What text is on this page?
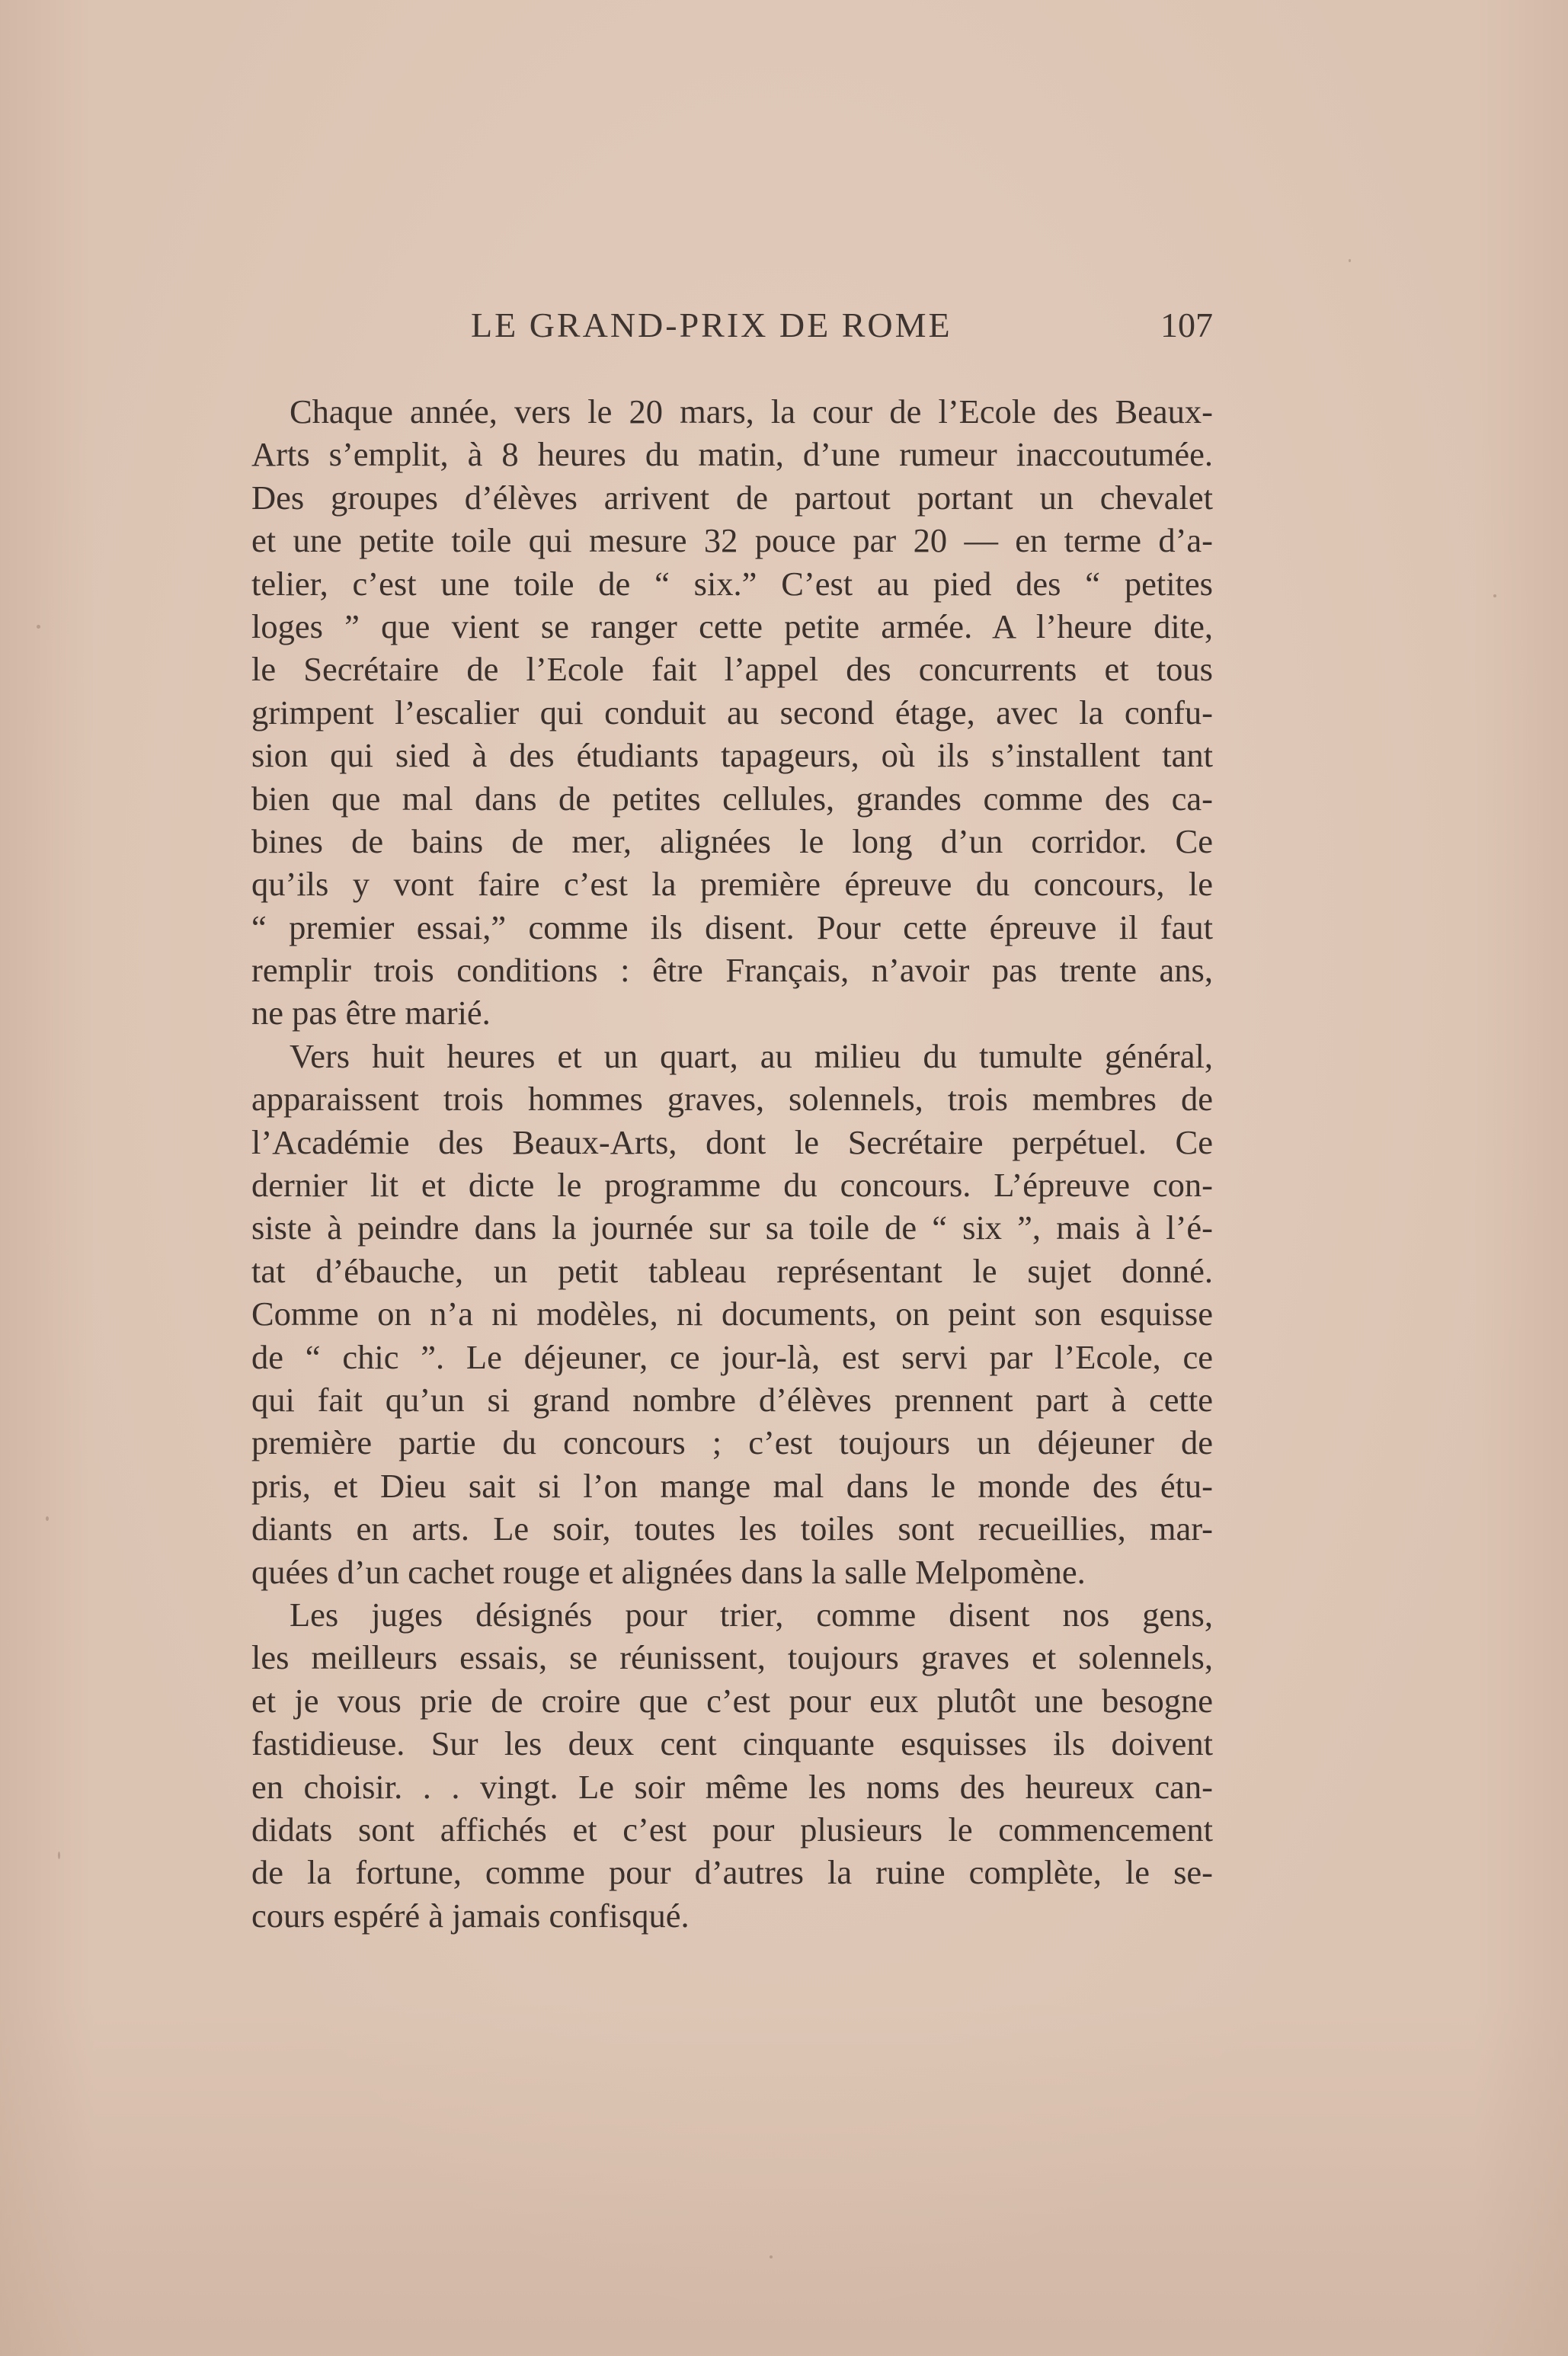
LE GRAND-PRIX DE ROME	107
Chaque année, vers le 20 mars, la cour de l’Ecole des Beaux-
Arts s’emplit, à 8 heures du matin, d’une rumeur inaccoutumée.
Des groupes d’élèves arrivent de partout portant un chevalet
et une petite toile qui mesure 32 pouce par 20 — en terme d’a-
telier, c’est une toile de “ six.” C’est au pied des “ petites
loges ” que vient se ranger cette petite armée. A l’heure dite,
le Secrétaire de l’Ecole fait l’appel des concurrents et tous
grimpent l’escalier qui conduit au second étage, avec la confu-
sion qui sied à des étudiants tapageurs, où ils s’installent tant
bien que mal dans de petites cellules, grandes comme des ca-
bines de bains de mer, alignées le long d’un corridor. Ce
qu’ils y vont faire c’est la première épreuve du concours, le
“ premier essai,” comme ils disent. Pour cette épreuve il faut
remplir trois conditions : être Français, n’avoir pas trente ans,
ne pas être marié.
Vers huit heures et un quart, au milieu du tumulte général,
apparaissent trois hommes graves, solennels, trois membres de
l’Académie des Beaux-Arts, dont le Secrétaire perpétuel. Ce
dernier lit et dicte le programme du concours. L’épreuve con-
siste à peindre dans la journée sur sa toile de “ six ”, mais à l’é-
tat d’ébauche, un petit tableau représentant le sujet donné.
Comme on n’a ni modèles, ni documents, on peint son esquisse
de “ chic ”. Le déjeuner, ce jour-là, est servi par l’Ecole, ce
qui fait qu’un si grand nombre d’élèves prennent part à cette
première partie du concours ; c’est toujours un déjeuner de
pris, et Dieu sait si l’on mange mal dans le monde des étu-
diants en arts. Le soir, toutes les toiles sont recueillies, mar-
quées d’un cachet rouge et alignées dans la salle Melpomène.
Les juges désignés pour trier, comme disent nos gens,
les meilleurs essais, se réunissent, toujours graves et solennels,
et je vous prie de croire que c’est pour eux plutôt une besogne
fastidieuse. Sur les deux cent cinquante esquisses ils doivent
en choisir. . . vingt. Le soir même les noms des heureux can-
didats sont affichés et c’est pour plusieurs le commencement
de la fortune, comme pour d’autres la ruine complète, le se-
cours espéré à jamais confisqué.
